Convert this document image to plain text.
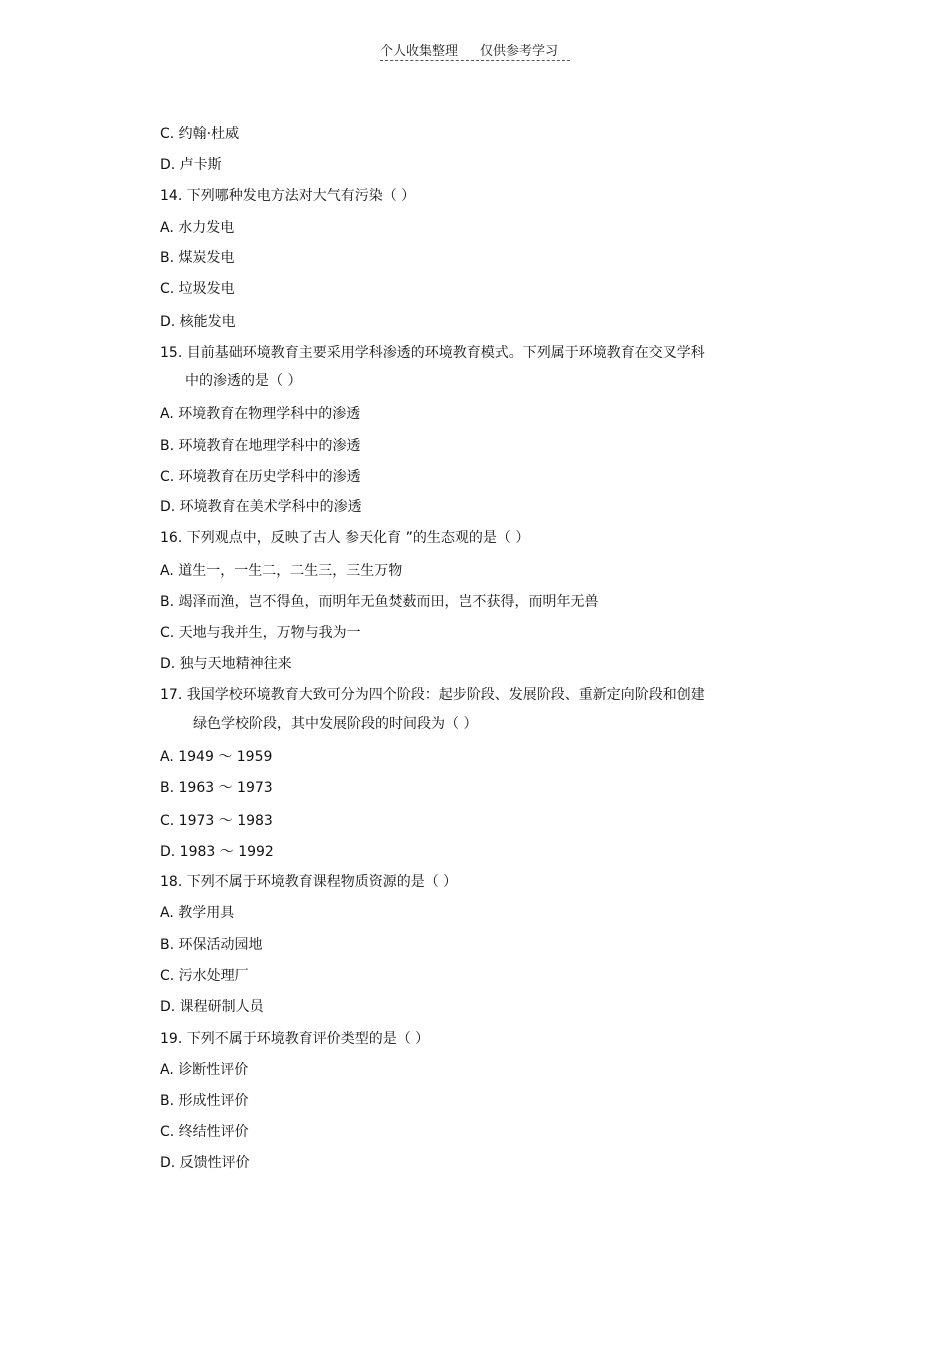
个人收集整理 仅供参考学习
C. 约翰·杜威
D. 卢卡斯
14. 下列哪种发电方法对大气有污染（ ）
A. 水力发电
B. 煤炭发电
C. 垃圾发电
D. 核能发电
15. 目前基础环境教育主要采用学科渗透的环境教育模式。下列属于环境教育在交叉学科
中的渗透的是（ ）
A. 环境教育在物理学科中的渗透
B. 环境教育在地理学科中的渗透
C. 环境教育在历史学科中的渗透
D. 环境教育在美术学科中的渗透
16. 下列观点中，反映了古人 参天化育 ”的生态观的是（ ）
A. 道生一，一生二，二生三，三生万物
B. 竭泽而渔，岂不得鱼，而明年无鱼焚薮而田，岂不获得，而明年无兽
C. 天地与我并生，万物与我为一
D. 独与天地精神往来
17. 我国学校环境教育大致可分为四个阶段：起步阶段、发展阶段、重新定向阶段和创建
绿色学校阶段，其中发展阶段的时间段为（ ）
A. 1949 ～ 1959
B. 1963 ～ 1973
C. 1973 ～ 1983
D. 1983 ～ 1992
18. 下列不属于环境教育课程物质资源的是（ ）
A. 教学用具
B. 环保活动园地
C. 污水处理厂
D. 课程研制人员
19. 下列不属于环境教育评价类型的是（ ）
A. 诊断性评价
B. 形成性评价
C. 终结性评价
D. 反馈性评价
